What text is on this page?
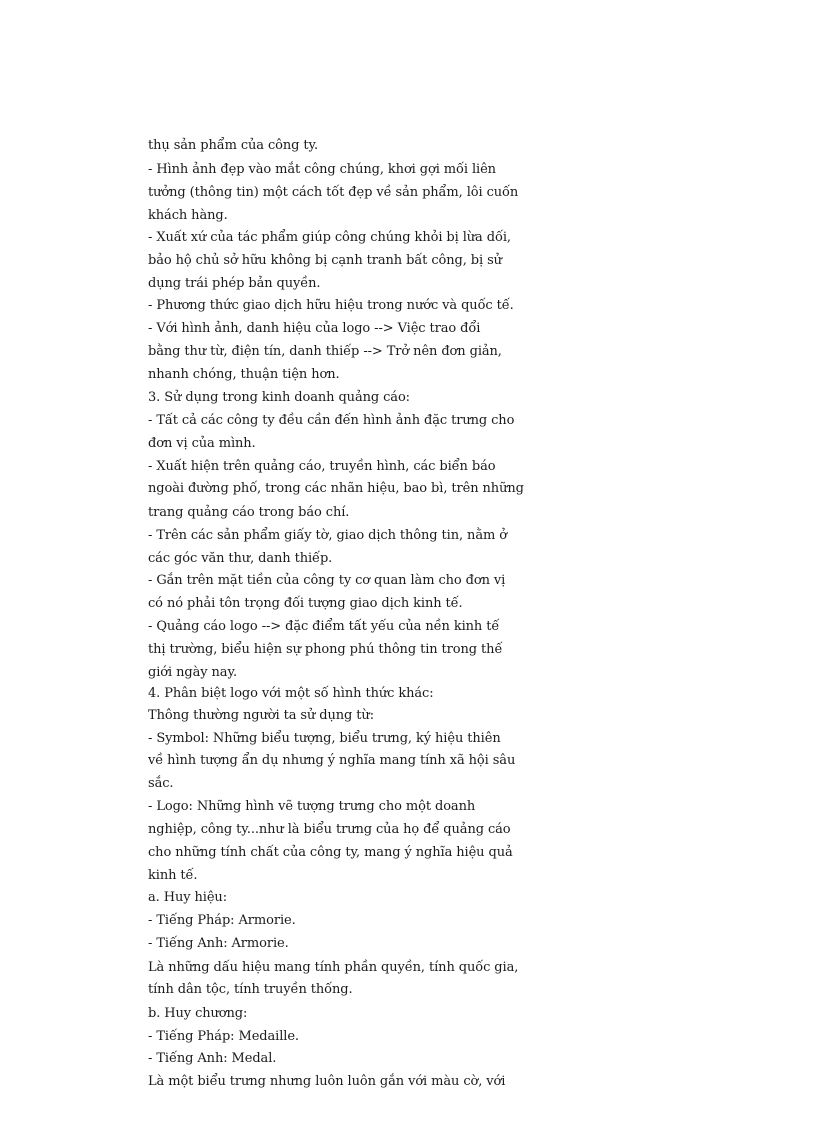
thụ sản phẩm của công ty.
- Hình ảnh đẹp vào mắt công chúng, khơi gợi mối liên
tưởng (thông tin) một cách tốt đẹp về sản phẩm, lôi cuốn
khách hàng.
- Xuất xứ của tác phẩm giúp công chúng khỏi bị lừa dối,
bảo hộ chủ sở hữu không bị cạnh tranh bất công, bị sử
dụng trái phép bản quyền.
- Phương thức giao dịch hữu hiệu trong nước và quốc tế.
- Với hình ảnh, danh hiệu của logo --> Việc trao đổi
bằng thư từ, điện tín, danh thiếp --> Trở nên đơn giản,
nhanh chóng, thuận tiện hơn.
3. Sử dụng trong kinh doanh quảng cáo:
- Tất cả các công ty đều cần đến hình ảnh đặc trưng cho
đơn vị của mình.
- Xuất hiện trên quảng cáo, truyền hình, các biển báo
ngoài đường phố, trong các nhãn hiệu, bao bì, trên những
trang quảng cáo trong báo chí.
- Trên các sản phẩm giấy tờ, giao dịch thông tin, nằm ở
các góc văn thư, danh thiếp.
- Gắn trên mặt tiền của công ty cơ quan làm cho đơn vị
có nó phải tôn trọng đối tượng giao dịch kinh tế.
- Quảng cáo logo --> đặc điểm tất yếu của nền kinh tế
thị trường, biểu hiện sự phong phú thông tin trong thế
giới ngày nay.
4. Phân biệt logo với một số hình thức khác:
Thông thường người ta sử dụng từ:
- Symbol: Những biểu tượng, biểu trưng, ký hiệu thiên
về hình tượng ẩn dụ nhưng ý nghĩa mang tính xã hội sâu
sắc.
- Logo: Những hình vẽ tượng trưng cho một doanh
nghiệp, công ty...như là biểu trưng của họ để quảng cáo
cho những tính chất của công ty, mang ý nghĩa hiệu quả
kinh tế.
a. Huy hiệu:
- Tiếng Pháp: Armorie.
- Tiếng Anh: Armorie.
Là những dấu hiệu mang tính phần quyền, tính quốc gia,
tính dân tộc, tính truyền thống.
b. Huy chương:
- Tiếng Pháp: Medaille.
- Tiếng Anh: Medal.
Là một biểu trưng nhưng luôn luôn gắn với màu cờ, với
